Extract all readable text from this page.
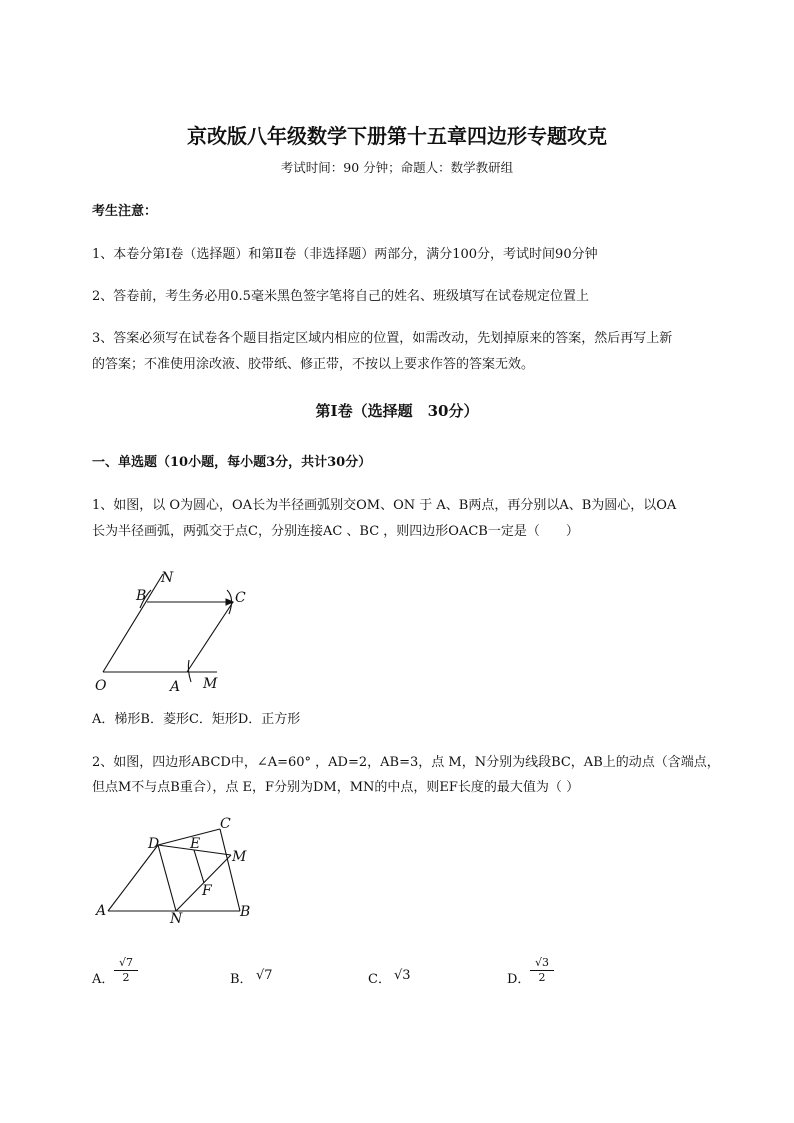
京改版八年级数学下册第十五章四边形专题攻克
考试时间：90 分钟；命题人：数学教研组
考生注意：
1、本卷分第Ⅰ卷（选择题）和第Ⅱ卷（非选择题）两部分，满分100分，考试时间90分钟
2、答卷前，考生务必用0.5毫米黑色签字笔将自己的姓名、班级填写在试卷规定位置上
3、答案必须写在试卷各个题目指定区域内相应的位置，如需改动，先划掉原来的答案，然后再写上新
的答案；不准使用涂改液、胶带纸、修正带，不按以上要求作答的答案无效。
第Ⅰ卷（选择题　30分）
一、单选题（10小题，每小题3分，共计30分）
1、如图，以 O为圆心，OA长为半径画弧别交OM、ON 于 A、B两点，再分别以A、B为圆心，以OA
长为半径画弧，两弧交于点C，分别连接AC 、BC ，则四边形OACB一定是（　　）
N
B	C
O	A M
A．梯形B．菱形C．矩形D．正方形
2、如图，四边形ABCD中，∠A=60° ，AD=2，AB=3，点 M，N分别为线段BC，AB上的动点（含端点，
但点M不与点B重合），点 E，F分别为DM，MN的中点，则EF长度的最大值为（ ）
D
C
E
M
F
A	N	B
A． $\frac{√7}{2}$	B． √7	C． √3	D． $\frac{√3}{2}$
